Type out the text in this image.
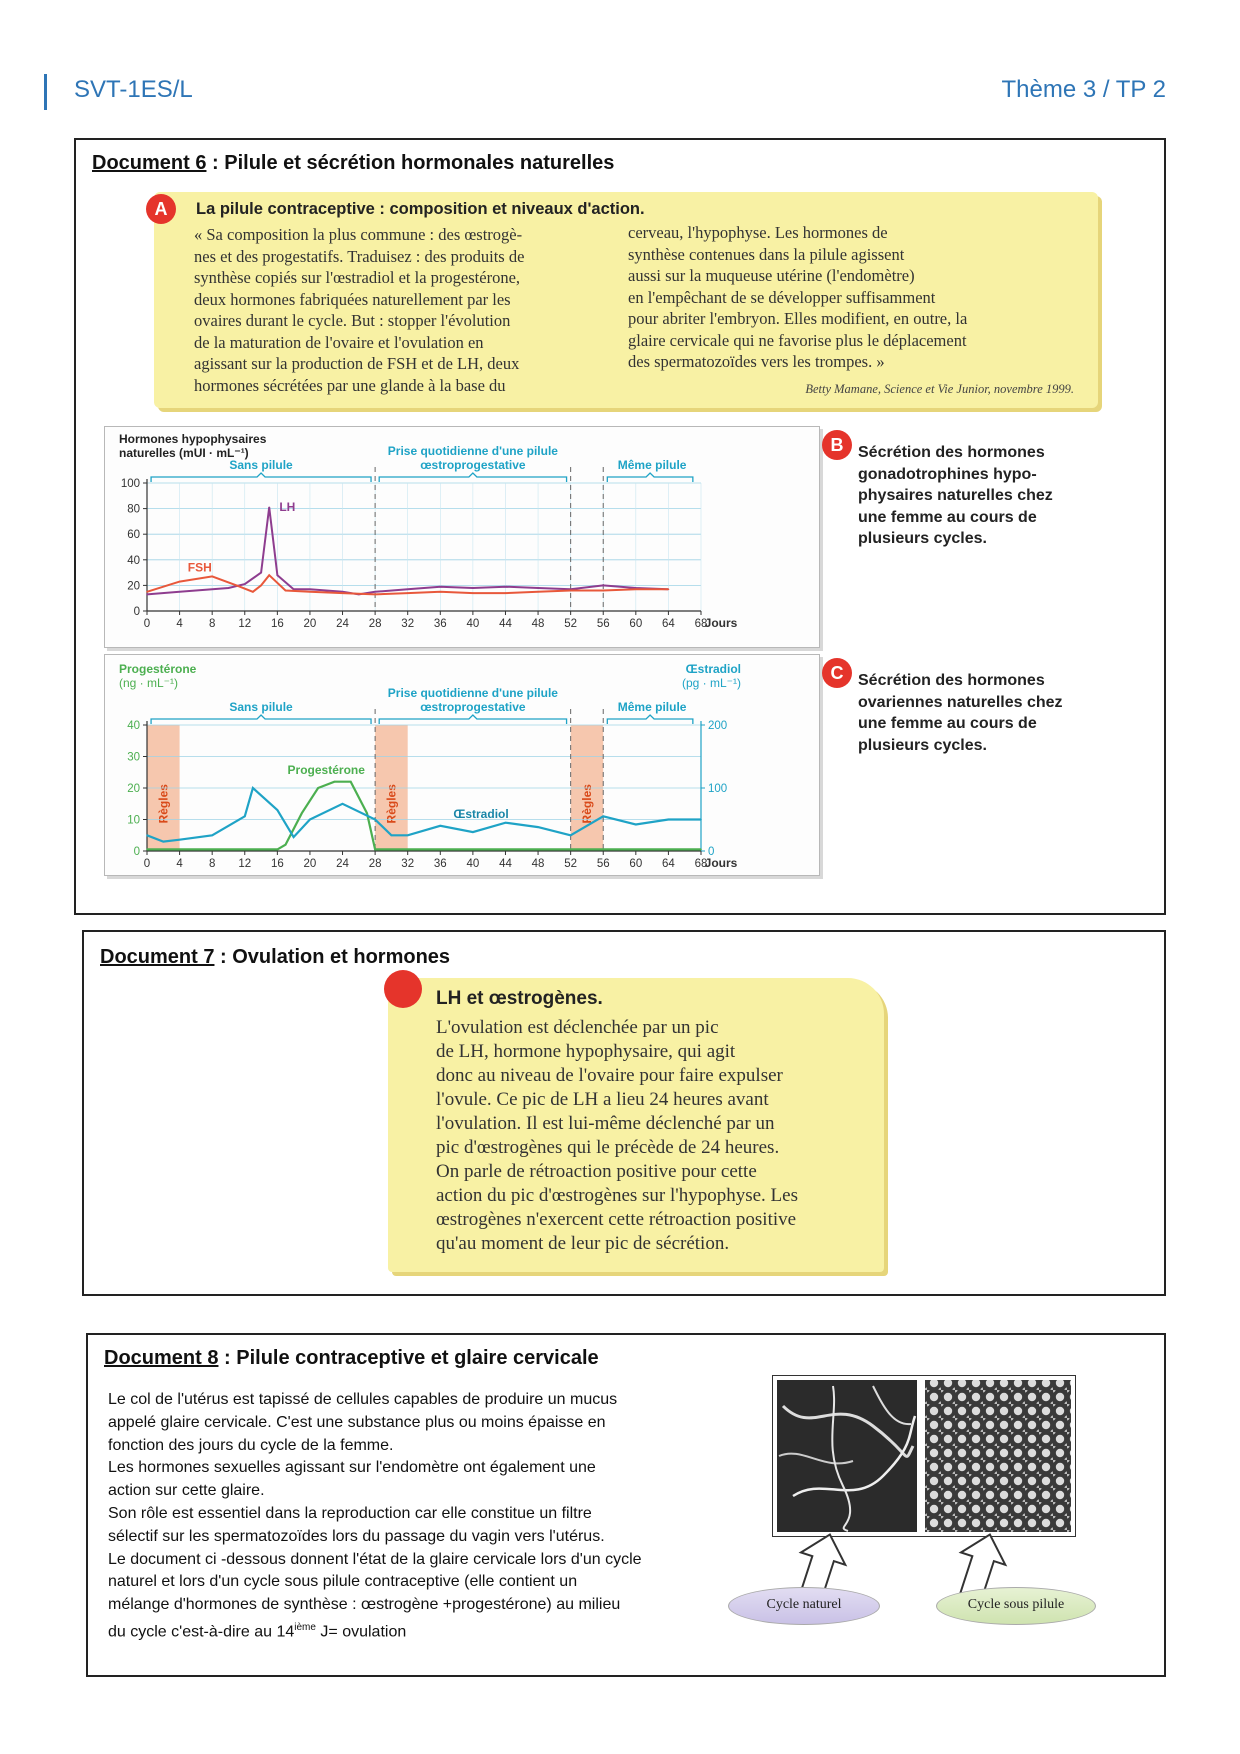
SVT-1ES/L	Thème 3 / TP 2
Document 6 : Pilule et sécrétion hormonales naturelles
A	La pilule contraceptive : composition et niveaux d'action.
« Sa composition la plus commune : des œstrogè-
nes et des progestatifs. Traduisez : des produits de
synthèse copiés sur l'œstradiol et la progestérone,
deux hormones fabriquées naturellement par les
ovaires durant le cycle. But : stopper l'évolution
de la maturation de l'ovaire et l'ovulation en
agissant sur la production de FSH et de LH, deux
hormones sécrétées par une glande à la base du
cerveau, l'hypophyse. Les hormones de
synthèse contenues dans la pilule agissent
aussi sur la muqueuse utérine (l'endomètre)
en l'empêchant de se développer suffisamment
pour abriter l'embryon. Elles modifient, en outre, la
glaire cervicale qui ne favorise plus le déplacement
des spermatozoïdes vers les trompes. »
Betty Mamane, Science et Vie Junior, novembre 1999.
0
20
40
60
80
100
Hormones hypophysaires
naturelles (mUI · mL⁻¹)
Sans pilule
Prise quotidienne d'une pilule
œstroprogestative	Même pilule
0 4 8 12 16 20 24 28 32 36 40 44 48 52 56 60 64 68
Jours
LH
FSH
B Sécrétion des hormones
gonadotrophines hypo-
physaires naturelles chez
une femme au cours de
plusieurs cycles.
Règles	Règles	Règles
0
10
20
30
40
0
100
200
Progestérone
(ng · mL⁻¹)
Œstradiol
(pg · mL⁻¹)
Sans pilule
Prise quotidienne d'une pilule
œstroprogestative	Même pilule
0 4 8 12 16 20 24 28 32 36 40 44 48 52 56 60 64 68
Jours
Progestérone
Œstradiol
C Sécrétion des hormones
ovariennes naturelles chez
une femme au cours de
plusieurs cycles.
Document 7 : Ovulation et hormones
LH et œstrogènes.
L'ovulation est déclenchée par un pic
de LH, hormone hypophysaire, qui agit
donc au niveau de l'ovaire pour faire expulser
l'ovule. Ce pic de LH a lieu 24 heures avant
l'ovulation. Il est lui-même déclenché par un
pic d'œstrogènes qui le précède de 24 heures.
On parle de rétroaction positive pour cette
action du pic d'œstrogènes sur l'hypophyse. Les
œstrogènes n'exercent cette rétroaction positive
qu'au moment de leur pic de sécrétion.
Document 8 : Pilule contraceptive et glaire cervicale
Le col de l'utérus est tapissé de cellules capables de produire un mucus
appelé glaire cervicale. C'est une substance plus ou moins épaisse en
fonction des jours du cycle de la femme.
Les hormones sexuelles agissant sur l'endomètre ont également une
action sur cette glaire.
Son rôle est essentiel dans la reproduction car elle constitue un filtre
sélectif sur les spermatozoïdes lors du passage du vagin vers l'utérus.
Le document ci -dessous donnent l'état de la glaire cervicale lors d'un cycle
naturel et lors d'un cycle sous pilule contraceptive (elle contient un
mélange d'hormones de synthèse : œstrogène +progestérone) au milieu
du cycle c'est-à-dire au 14ième J= ovulation
Cycle naturel	Cycle sous pilule
